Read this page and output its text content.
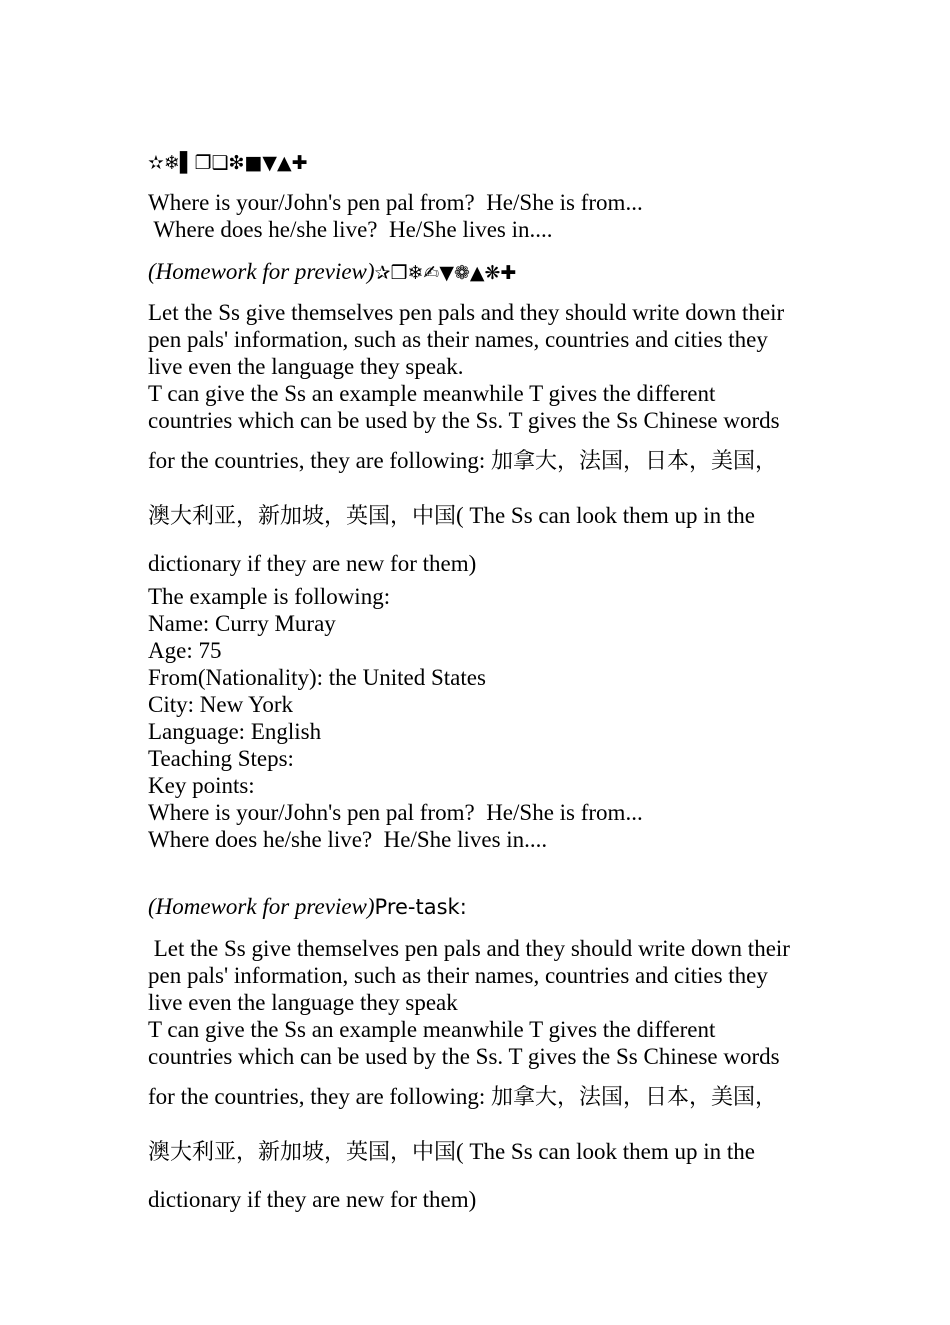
✫❄▌❐❑❇■▼▲✚
Where is your/John's pen pal from?  He/She is from...
Where does he/she live?  He/She lives in....
(Homework for preview)✰❒❄✍▼❁▲❋✚
Let the Ss give themselves pen pals and they should write down their
pen pals' information, such as their names, countries and cities they
live even the language they speak.
T can give the Ss an example meanwhile T gives the different
countries which can be used by the Ss. T gives the Ss Chinese words
for the countries, they are following: 加拿大，法国，日本，美国，
澳大利亚，新加坡，英国，中国( The Ss can look them up in the
dictionary if they are new for them)
The example is following:
Name: Curry Muray
Age: 75
From(Nationality): the United States
City: New York
Language: English
Teaching Steps:
Key points:
Where is your/John's pen pal from?  He/She is from...
Where does he/she live?  He/She lives in....
(Homework for preview)Pre-task:
Let the Ss give themselves pen pals and they should write down their
pen pals' information, such as their names, countries and cities they
live even the language they speak
T can give the Ss an example meanwhile T gives the different
countries which can be used by the Ss. T gives the Ss Chinese words
for the countries, they are following: 加拿大，法国，日本，美国，
澳大利亚，新加坡，英国，中国( The Ss can look them up in the
dictionary if they are new for them)
